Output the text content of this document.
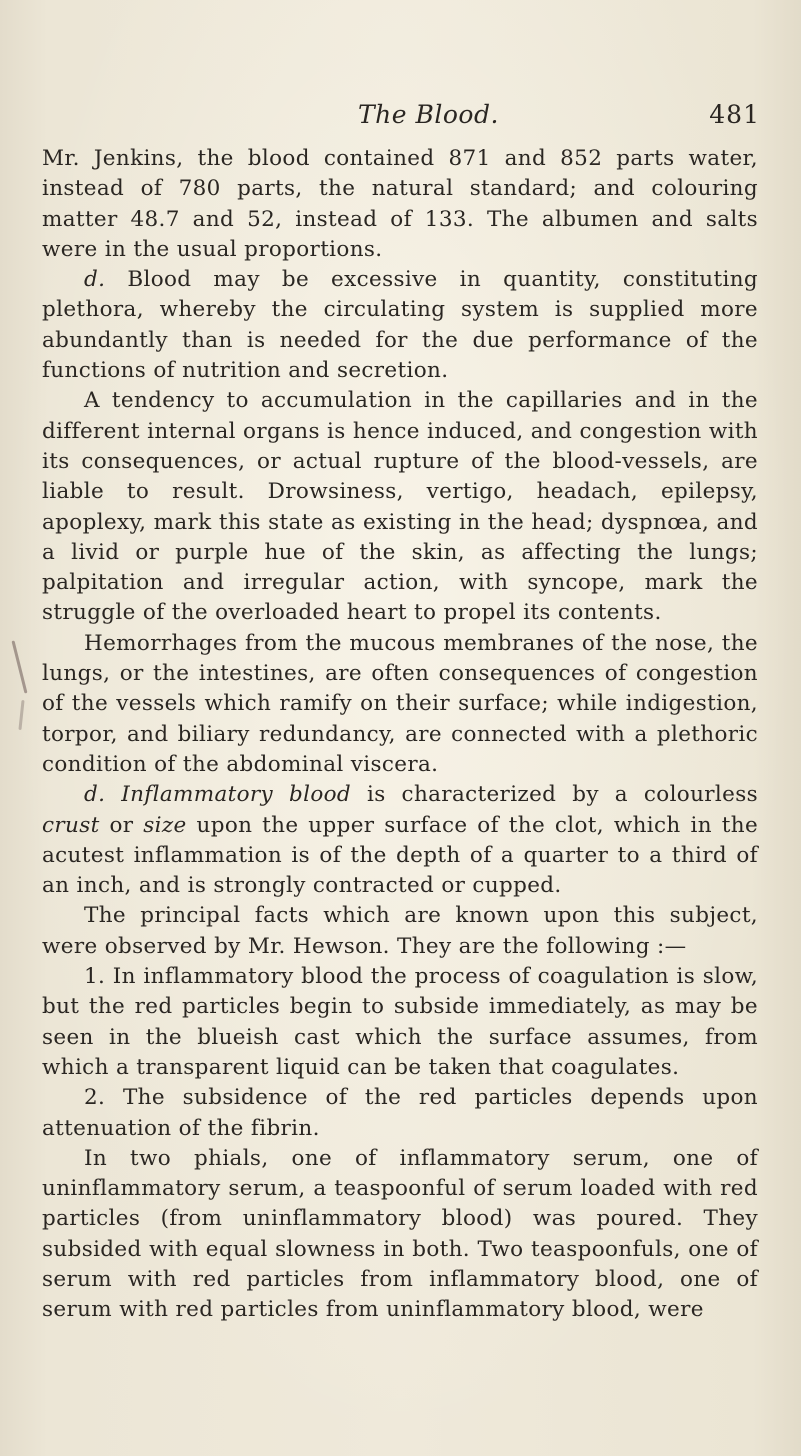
The Blood.	481

Mr. Jenkins, the blood contained 871 and 852 parts water, instead of 780 parts, the natural standard; and colouring matter 48.7 and 52, instead of 133. The albumen and salts were in the usual proportions.

d. Blood may be excessive in quantity, constituting plethora, whereby the circulating system is supplied more abundantly than is needed for the due performance of the functions of nutrition and secretion.

A tendency to accumulation in the capillaries and in the different internal organs is hence induced, and congestion with its consequences, or actual rupture of the blood-vessels, are liable to result. Drowsiness, vertigo, headach, epilepsy, apoplexy, mark this state as existing in the head; dyspnœa, and a livid or purple hue of the skin, as affecting the lungs; palpitation and irregular action, with syncope, mark the struggle of the overloaded heart to propel its contents.

Hemorrhages from the mucous membranes of the nose, the lungs, or the intestines, are often consequences of congestion of the vessels which ramify on their surface; while indigestion, torpor, and biliary redundancy, are connected with a plethoric condition of the abdominal viscera.

d. Inflammatory blood is characterized by a colourless crust or size upon the upper surface of the clot, which in the acutest inflammation is of the depth of a quarter to a third of an inch, and is strongly contracted or cupped.

The principal facts which are known upon this subject, were observed by Mr. Hewson. They are the following :—

1. In inflammatory blood the process of coagulation is slow, but the red particles begin to subside immediately, as may be seen in the blueish cast which the surface assumes, from which a transparent liquid can be taken that coagulates.

2. The subsidence of the red particles depends upon attenuation of the fibrin.

In two phials, one of inflammatory serum, one of uninflammatory serum, a teaspoonful of serum loaded with red particles (from uninflammatory blood) was poured. They subsided with equal slowness in both. Two teaspoonfuls, one of serum with red particles from inflammatory blood, one of serum with red particles from uninflammatory blood, were
